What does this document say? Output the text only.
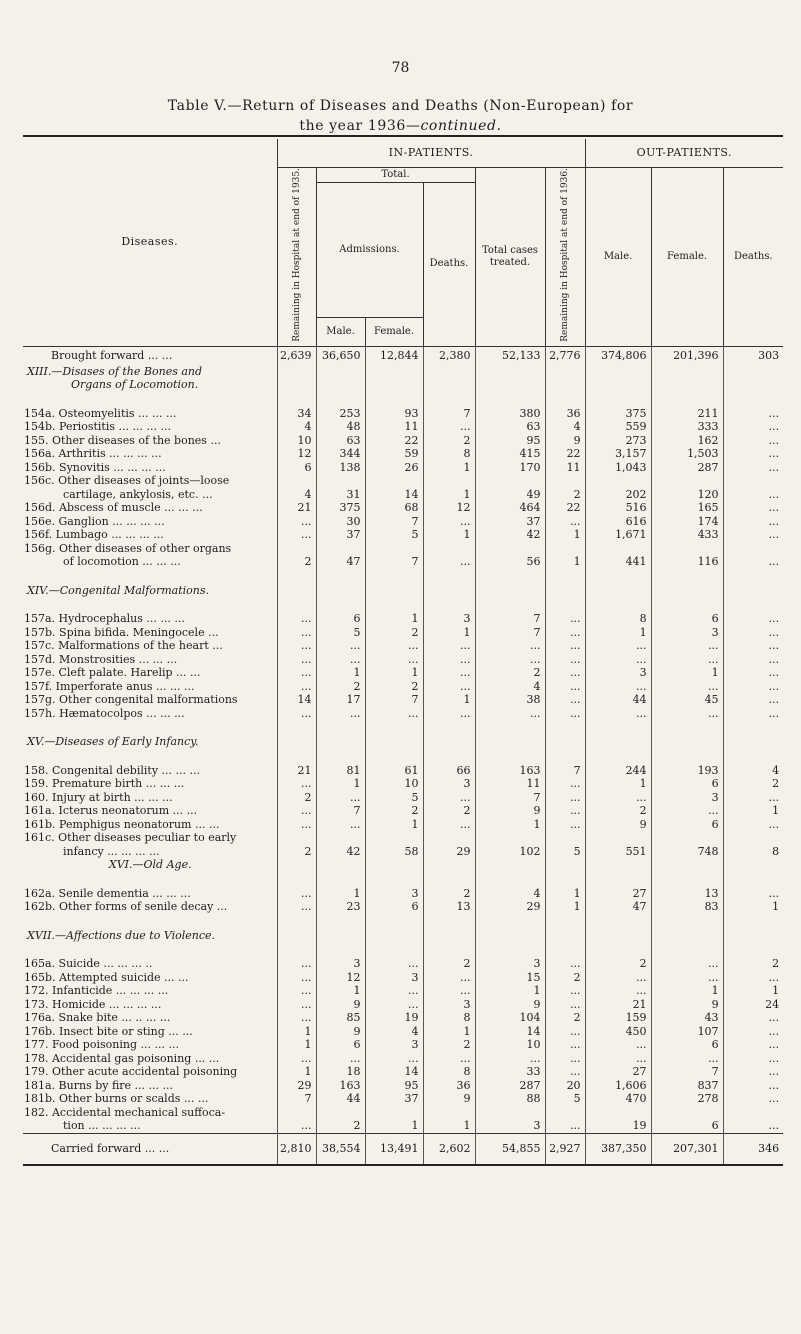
78
Table V.—Return of Diseases and Deaths (Non-European) for
the year 1936—continued.
Diseases.	IN-PATIENTS.						OUT-PATIENTS.		
	Remaining in Hospital at end of 1935.	Total.			Total cases treated.	Remaining in Hospital at end of 1936.	Male.	Female.	Deaths.
		Admissions.		Deaths.					
		Male.	Female.						
Brought forward ... ...	2,639	36,650	12,844	2,380	52,133	2,776	374,806	201,396	303
XIII.—Disases of the Bones and									
Organs of Locomotion.									

154a. Osteomyelitis ... ... ...	34	253	93	7	380	36	375	211	...
154b. Periostitis ... ... ... ...	4	48	11	...	63	4	559	333	...
155. Other diseases of the bones ...	10	63	22	2	95	9	273	162	...
156a. Arthritis ... ... ... ...	12	344	59	8	415	22	3,157	1,503	...
156b. Synovitis ... ... ... ...	6	138	26	1	170	11	1,043	287	...
156c. Other diseases of joints—loose									
cartilage, ankylosis, etc. ...	4	31	14	1	49	2	202	120	...
156d. Abscess of muscle ... ... ...	21	375	68	12	464	22	516	165	...
156e. Ganglion ... ... ... ...	...	30	7	...	37	...	616	174	...
156f. Lumbago ... ... ... ...	...	37	5	1	42	1	1,671	433	...
156g. Other diseases of other organs									
of locomotion ... ... ...	2	47	7	...	56	1	441	116	...

XIV.—Congenital Malformations.									

157a. Hydrocephalus ... ... ...	...	6	1	3	7	...	8	6	...
157b. Spina bifida. Meningocele ...	...	5	2	1	7	...	1	3	...
157c. Malformations of the heart ...	...	...	...	...	...	...	...	...	...
157d. Monstrosities ... ... ...	...	...	...	...	...	...	...	...	...
157e. Cleft palate. Harelip ... ...	...	1	1	...	2	...	3	1	...
157f. Imperforate anus ... ... ...	...	2	2	...	4	...	...	...	...
157g. Other congenital malformations	14	17	7	1	38	...	44	45	...
157h. Hæmatocolpos ... ... ...	...	...	...	...	...	...	...	...	...

XV.—Diseases of Early Infancy.									

158. Congenital debility ... ... ...	21	81	61	66	163	7	244	193	4
159. Premature birth ... ... ...	...	1	10	3	11	...	1	6	2
160. Injury at birth ... ... ...	2	...	5	...	7	...	...	3	...
161a. Icterus neonatorum ... ...	...	7	2	2	9	...	2	...	1
161b. Pemphigus neonatorum ... ...	...	...	1	...	1	...	9	6	...
161c. Other diseases peculiar to early									
infancy ... ... ... ...	2	42	58	29	102	5	551	748	8
XVI.—Old Age.									

162a. Senile dementia ... ... ...	...	1	3	2	4	1	27	13	...
162b. Other forms of senile decay ...	...	23	6	13	29	1	47	83	1

XVII.—Affections due to Violence.									

165a. Suicide ... ... ... ..	...	3	...	2	3	...	2	...	2
165b. Attempted suicide ... ...	...	12	3	...	15	2	...	...	...
172. Infanticide ... ... ... ...	...	1	...	...	1	...	...	1	1
173. Homicide ... ... ... ...	...	9	...	3	9	...	21	9	24
176a. Snake bite ... .. ... ...	...	85	19	8	104	2	159	43	...
176b. Insect bite or sting ... ...	1	9	4	1	14	...	450	107	...
177. Food poisoning ... ... ...	1	6	3	2	10	...	...	6	...
178. Accidental gas poisoning ... ...	...	...	...	...	...	...	...	...	...
179. Other acute accidental poisoning	1	18	14	8	33	...	27	7	...
181a. Burns by fire ... ... ...	29	163	95	36	287	20	1,606	837	...
181b. Other burns or scalds ... ...	7	44	37	9	88	5	470	278	...
182. Accidental mechanical suffoca-									
tion ... ... ... ...	...	2	1	1	3	...	19	6	...
Carried forward ... ...	2,810	38,554	13,491	2,602	54,855	2,927	387,350	207,301	346
